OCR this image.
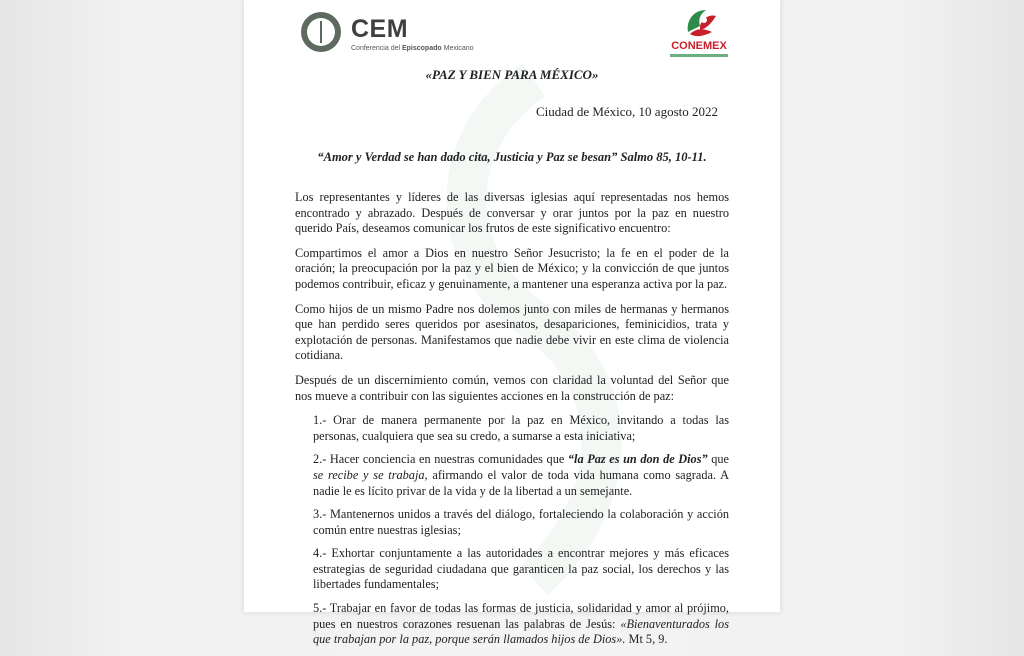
CEM
Conferencia del Episcopado Mexicano	CONEMEX
«PAZ Y BIEN PARA MÉXICO»
Ciudad de México, 10 agosto 2022
“Amor y Verdad se han dado cita, Justicia y Paz se besan” Salmo 85, 10-11.

Los representantes y líderes de las diversas iglesias aquí representadas nos hemos encontrado y abrazado. Después de conversar y orar juntos por la paz en nuestro querido País, deseamos comunicar los frutos de este significativo encuentro:

Compartimos el amor a Dios en nuestro Señor Jesucristo; la fe en el poder de la oración; la preocupación por la paz y el bien de México; y la convicción de que juntos podemos contribuir, eficaz y genuinamente, a mantener una esperanza activa por la paz.

Como hijos de un mismo Padre nos dolemos junto con miles de hermanas y hermanos que han perdido seres queridos por asesinatos, desapariciones, feminicidios, trata y explotación de personas. Manifestamos que nadie debe vivir en este clima de violencia cotidiana.

Después de un discernimiento común, vemos con claridad la voluntad del Señor que nos mueve a contribuir con las siguientes acciones en la construcción de paz:

1.- Orar de manera permanente por la paz en México, invitando a todas las personas, cualquiera que sea su credo, a sumarse a esta iniciativa;

2.- Hacer conciencia en nuestras comunidades que “la Paz es un don de Dios” que se recibe y se trabaja, afirmando el valor de toda vida humana como sagrada. A nadie le es lícito privar de la vida y de la libertad a un semejante.

3.- Mantenernos unidos a través del diálogo, fortaleciendo la colaboración y acción común entre nuestras iglesias;

4.- Exhortar conjuntamente a las autoridades a encontrar mejores y más eficaces estrategias de seguridad ciudadana que garanticen la paz social, los derechos y las libertades fundamentales;

5.- Trabajar en favor de todas las formas de justicia, solidaridad y amor al prójimo, pues en nuestros corazones resuenan las palabras de Jesús: «Bienaventurados los que trabajan por la paz, porque serán llamados hijos de Dios». Mt 5, 9.
